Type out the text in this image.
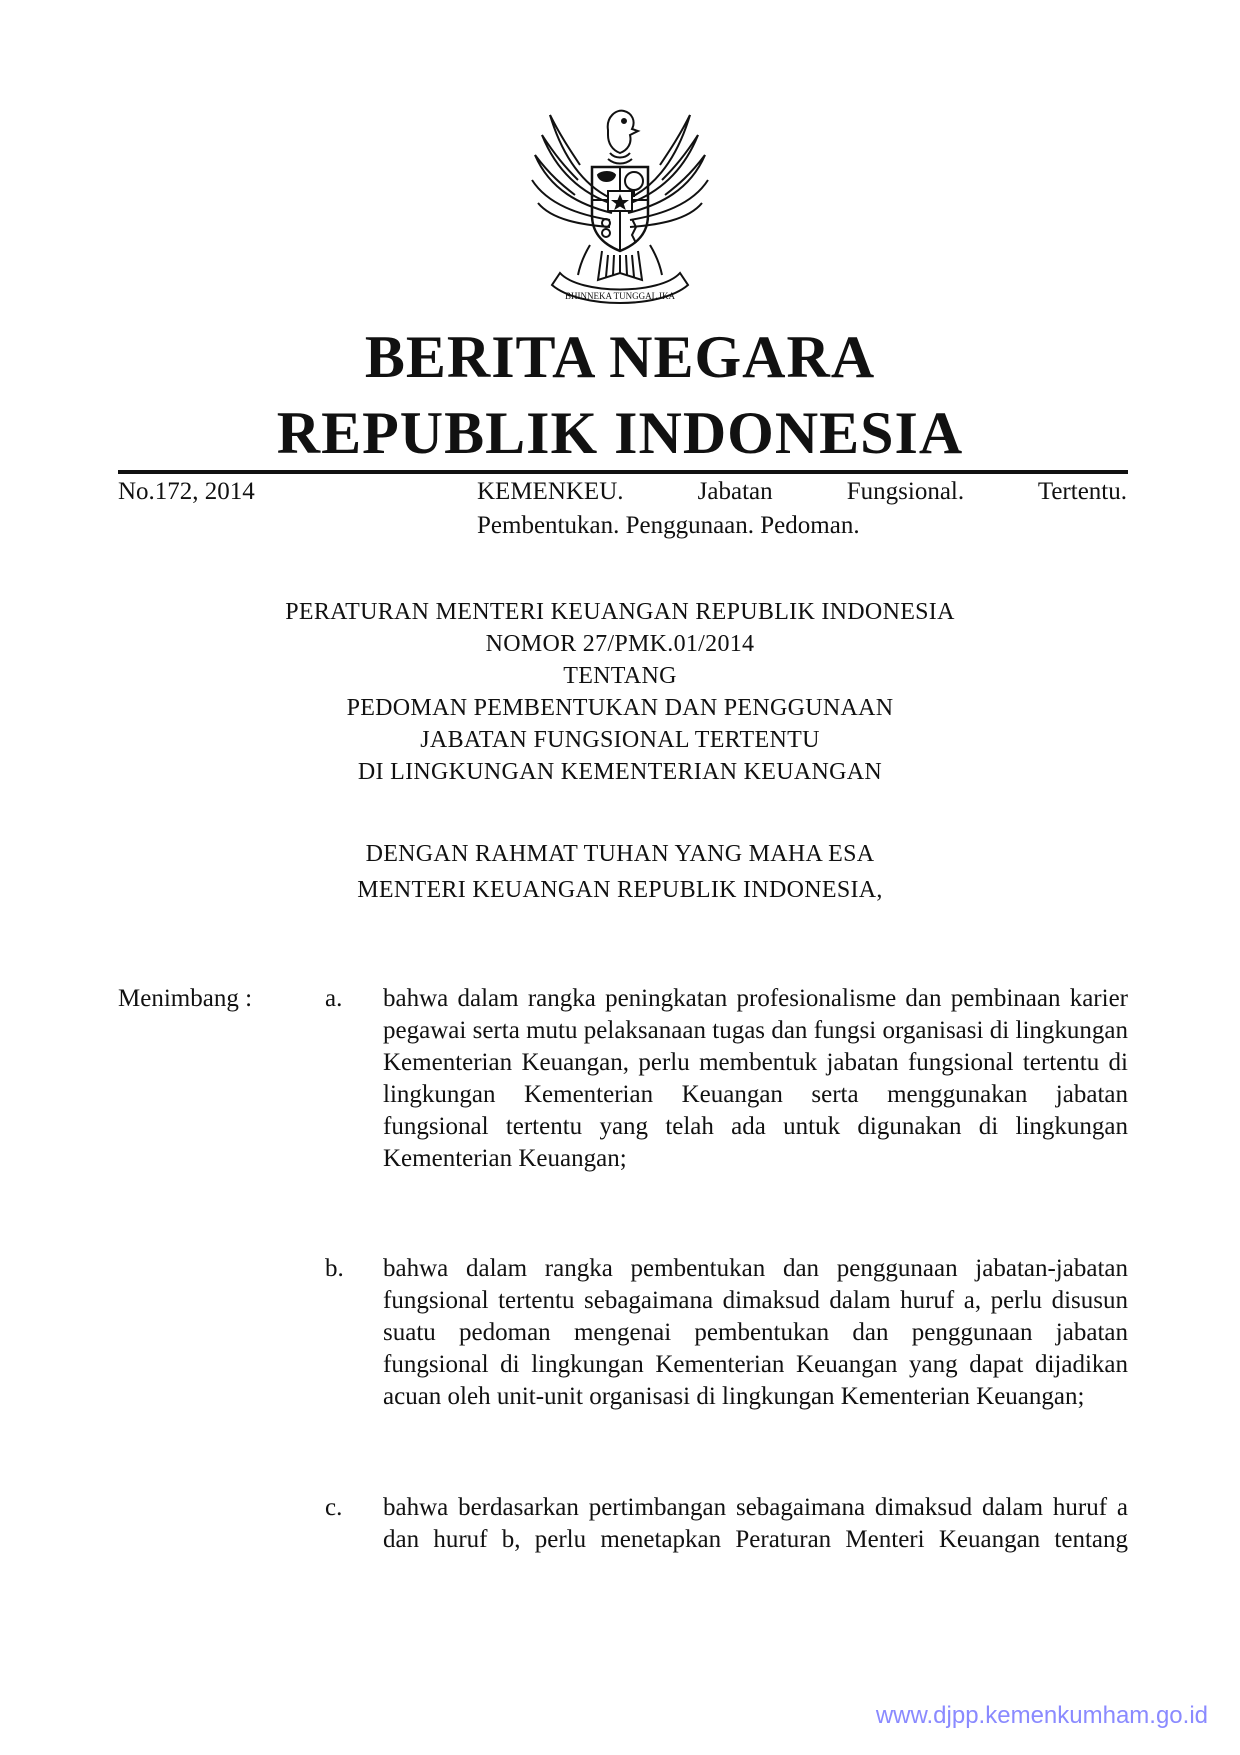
BHINNEKA TUNGGAL IKA
BERITA NEGARA
REPUBLIK INDONESIA
No.172, 2014	KEMENKEU. Jabatan Fungsional. Tertentu.
Pembentukan. Penggunaan. Pedoman.
PERATURAN MENTERI KEUANGAN REPUBLIK INDONESIA
NOMOR 27/PMK.01/2014
TENTANG
PEDOMAN PEMBENTUKAN DAN PENGGUNAAN
JABATAN FUNGSIONAL TERTENTU
DI LINGKUNGAN KEMENTERIAN KEUANGAN
DENGAN RAHMAT TUHAN YANG MAHA ESA
MENTERI KEUANGAN REPUBLIK INDONESIA,
Menimbang :	a. bahwa dalam rangka peningkatan profesionalisme dan pembinaan karier pegawai serta mutu pelaksanaan tugas dan fungsi organisasi di lingkungan Kementerian Keuangan, perlu membentuk jabatan fungsional tertentu di lingkungan Kementerian Keuangan serta menggunakan jabatan fungsional tertentu yang telah ada untuk digunakan di lingkungan Kementerian Keuangan;
b. bahwa dalam rangka pembentukan dan penggunaan jabatan-jabatan fungsional tertentu sebagaimana dimaksud dalam huruf a, perlu disusun suatu pedoman mengenai pembentukan dan penggunaan jabatan fungsional di lingkungan Kementerian Keuangan yang dapat dijadikan acuan oleh unit-unit organisasi di lingkungan Kementerian Keuangan;
c. bahwa berdasarkan pertimbangan sebagaimana dimaksud dalam huruf a dan huruf b, perlu menetapkan Peraturan Menteri Keuangan tentang
www.djpp.kemenkumham.go.id
